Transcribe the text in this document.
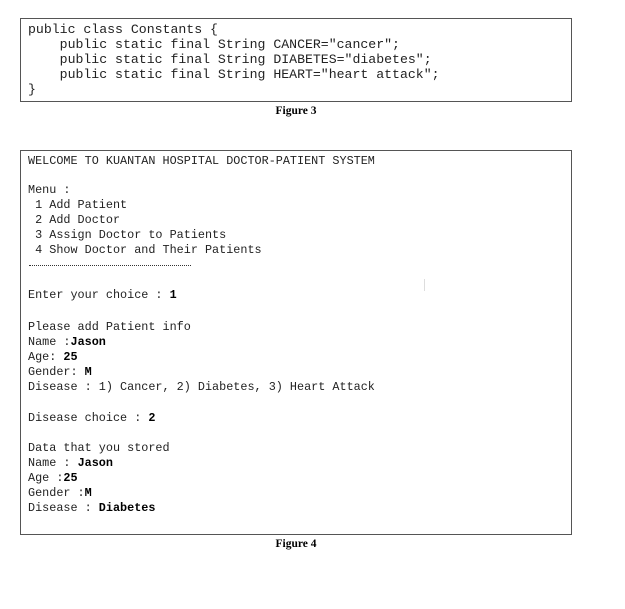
public class Constants {
public static final String CANCER="cancer";
public static final String DIABETES="diabetes";
public static final String HEART="heart attack";
}
Figure 3
WELCOME TO KUANTAN HOSPITAL DOCTOR-PATIENT SYSTEM
Menu :
1 Add Patient
2 Add Doctor
3 Assign Doctor to Patients
4 Show Doctor and Their Patients
Enter your choice : 1
Please add Patient info
Name :Jason
Age: 25
Gender: M
Disease : 1) Cancer, 2) Diabetes, 3) Heart Attack
Disease choice : 2
Data that you stored
Name : Jason
Age :25
Gender :M
Disease : Diabetes
Figure 4
